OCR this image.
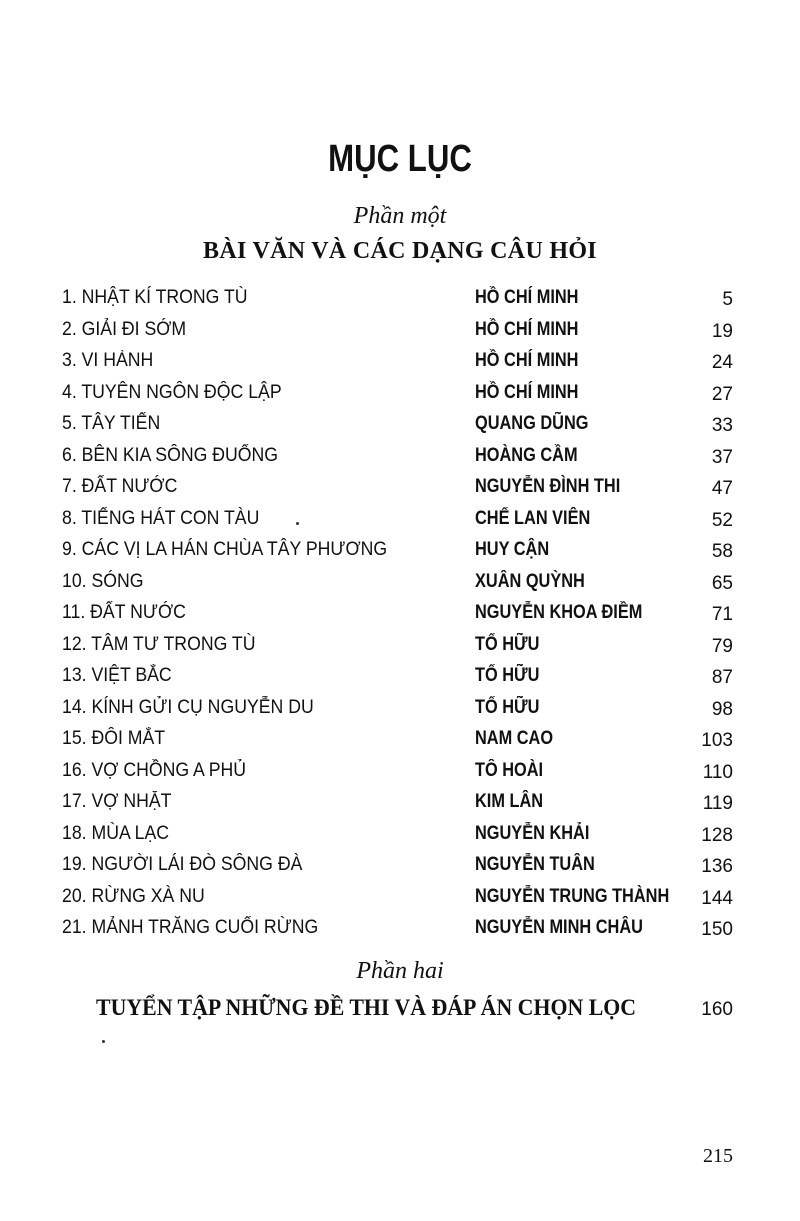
MỤC LỤC
Phần một
BÀI VĂN VÀ CÁC DẠNG CÂU HỎI
1. NHẬT KÍ TRONG TÙ	HỒ CHÍ MINH	5
2. GIẢI ĐI SỚM	HỒ CHÍ MINH	19
3. VI HÀNH	HỒ CHÍ MINH	24
4. TUYÊN NGÔN ĐỘC LẬP	HỒ CHÍ MINH	27
5. TÂY TIẾN	QUANG DŨNG	33
6. BÊN KIA SÔNG ĐUỐNG	HOÀNG CẦM	37
7. ĐẤT NƯỚC	NGUYỄN ĐÌNH THI	47
8. TIẾNG HÁT CON TÀU	CHẾ LAN VIÊN	52
9. CÁC VỊ LA HÁN CHÙA TÂY PHƯƠNG	HUY CẬN	58
10. SÓNG	XUÂN QUỲNH	65
11. ĐẤT NƯỚC	NGUYỄN KHOA ĐIỀM	71
12. TÂM TƯ TRONG TÙ	TỐ HỮU	79
13. VIỆT BẮC	TỐ HỮU	87
14. KÍNH GỬI CỤ NGUYỄN DU	TỐ HỮU	98
15. ĐÔI MẮT	NAM CAO	103
16. VỢ CHỒNG A PHỦ	TÔ HOÀI	110
17. VỢ NHẶT	KIM LÂN	119
18. MÙA LẠC	NGUYỄN KHẢI	128
19. NGƯỜI LÁI ĐÒ SÔNG ĐÀ	NGUYỄN TUÂN	136
20. RỪNG XÀ NU	NGUYỄN TRUNG THÀNH 144
21. MẢNH TRĂNG CUỐI RỪNG	NGUYỄN MINH CHÂU	150
Phần hai
TUYỂN TẬP NHỮNG ĐỀ THI VÀ ĐÁP ÁN CHỌN LỌC	160
215
